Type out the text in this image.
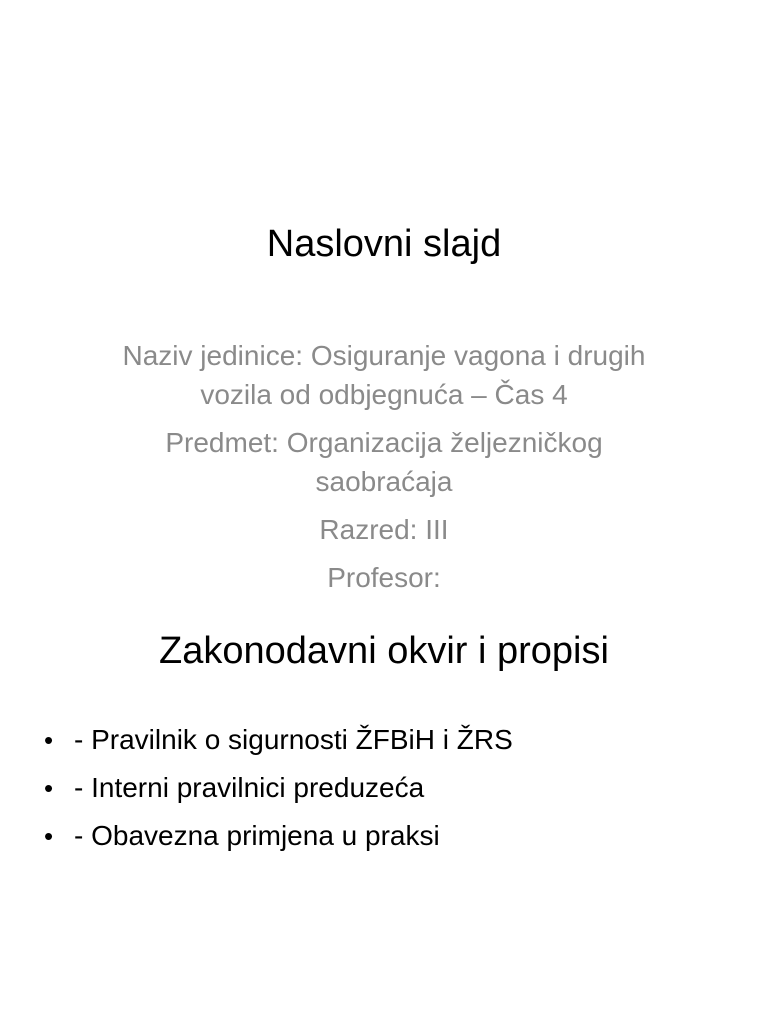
Naslovni slajd
Naziv jedinice: Osiguranje vagona i drugih vozila od odbjegnuća – Čas 4
Predmet: Organizacija željezničkog saobraćaja
Razred: III
Profesor:
Zakonodavni okvir i propisi
• - Pravilnik o sigurnosti ŽFBiH i ŽRS
• - Interni pravilnici preduzeća
• - Obavezna primjena u praksi
